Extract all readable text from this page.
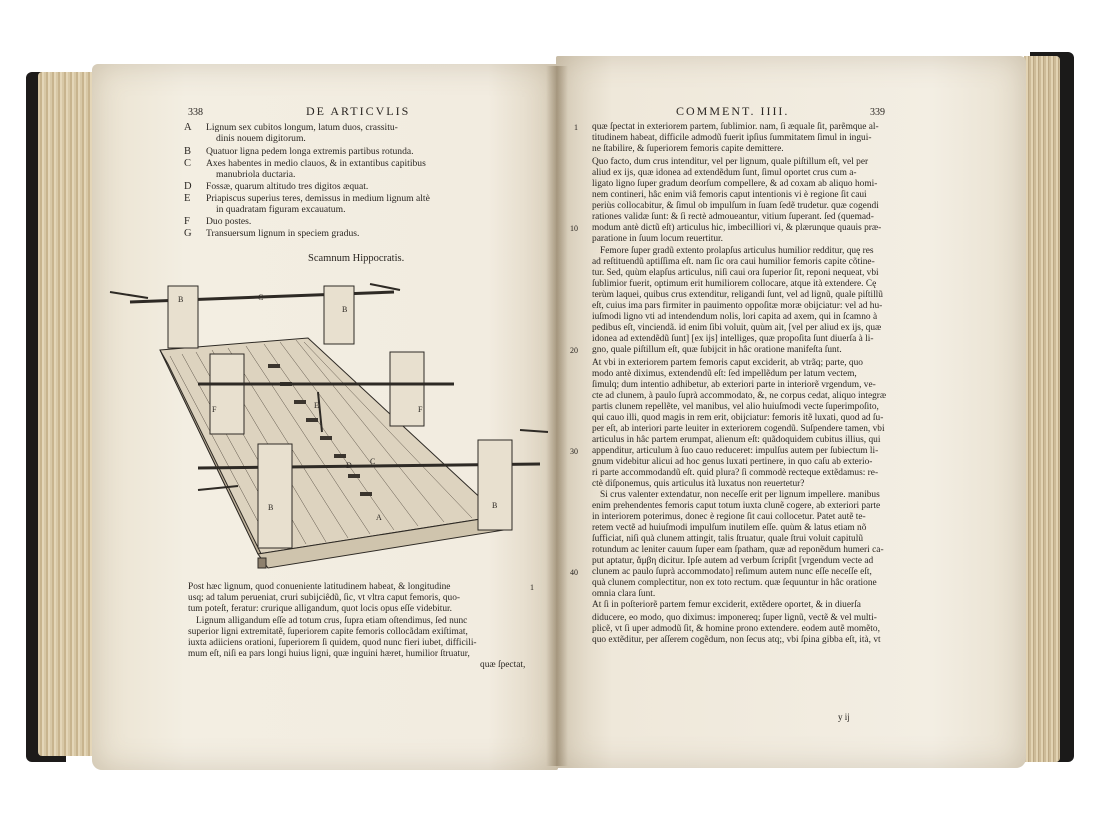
338	DE ARTICVLIS
A	Lignum sex cubitos longum, latum duos, crassitu-
dinis nouem digitorum.
B	Quatuor ligna pedem longa extremis partibus rotunda.
C	Axes habentes in medio clauos, & in extantibus capitibus
manubriola ductaria.
D	Fossæ, quarum altitudo tres digitos æquat.
E	Priapiscus superius teres, demissus in medium lignum altè
in quadratam figuram excauatum.
F	Duo postes.
G	Transuersum lignum in speciem gradus.
Scamnum Hippocratis.
B
B
C
F	F
C
B	B
A
E
D
Post hæc lignum, quod conueniente latitudinem habeat, & longitudine
usq; ad talum perueniat, cruri subijciêdũ, ſic, vt vltra caput femoris, quo-
tum poteſt, feratur: crurique alligandum, quot locis opus eſſe videbitur.
Lignum alligandum eſſe ad totum crus, ſupra etiam oſtendimus, ſed nunc
superior ligni extremitatẽ, ſuperiorem capite femoris collocãdam exiſtimat,
iuxta adiiciens orationi, ſuperiorem ſi quidem, quod nunc fieri iubet, difficili-
mum eſt, niſi ea pars longi huius ligni, quæ inguini hæret, humilior ſtruatur,
quæ ſpectat,
1
COMMENT. IIII.	339
quæ ſpectat in exteriorem partem, ſublimior. nam, ſi æquale ſit, parẽmque al-
titudinem habeat, difficile admodũ fuerit ipſius ſummitatem ſimul in ingui-
ne ſtabilire, & ſuperiorem femoris capite demittere.
Quo facto, dum crus intenditur, vel per lignum, quale piſtillum eſt, vel per
aliud ex ijs, quæ idonea ad extendẽdum ſunt, ſimul oportet crus cum a-
ligato ligno ſuper gradum deorſum compellere, & ad coxam ab aliquo homi-
nem contineri, hâc enim viâ femoris caput intentionis vi è regione ſit caui
periùs collocabitur, & ſimul ob impulſum in ſuam ſedẽ trudetur. quæ cogendi
rationes validæ ſunt: & ſi rectè admoueantur, vitium ſuperant. ſed (quemad-
modum antè dictũ eſt) articulus hic, imbecilliori vi, & plærunque quauis præ-
paratione in ſuum locum reuertitur.
Femore ſuper gradũ extento prolapſus articulus humilior redditur, quę res
ad reſtituendũ aptiſſima eſt. nam ſic ora caui humilior femoris capite cõtine-
tur. Sed, quùm elapſus articulus, niſi caui ora ſuperior ſit, reponi nequeat, vbi
ſublimior fuerit, optimum erit humiliorem collocare, atque ità extendere. Cę
terùm laquei, quibus crus extenditur, religandi ſunt, vel ad lignũ, quale piſtillũ
eſt, cuius ima pars firmiter in pauimento oppoſitæ moræ obijciatur: vel ad hu-
iuſmodi ligno vti ad intendendum nolis, lori capita ad axem, qui in ſcamno à
pedibus eſt, vinciendã. id enim ſibi voluit, quùm ait, [vel per aliud ex ijs, quæ
idonea ad extendẽdũ ſunt] [ex ijs] intelliges, quæ propoſita ſunt diuerſa à li-
gno, quale piſtillum eſt, quæ ſubijcit in hâc oratione manifeſta ſunt.
At vbi in exteriorem partem femoris caput exciderit, ab vtrãq; parte, quo
modo antè diximus, extendendũ eſt: ſed impellẽdum per latum vectem,
ſimulq; dum intentio adhibetur, ab exteriori parte in interiorẽ vrgendum, ve-
cte ad clunem, à paulo ſuprà accommodato, &, ne corpus cedat, aliquo integræ
partis clunem repellẽte, vel manibus, vel alio huiuſmodi vecte ſuperimpoſito,
qui cauo illi, quod magis in rem erit, obijciatur: femoris itẽ luxati, quod ad ſu-
per eſt, ab interiori parte leuiter in exteriorem cogendũ. Suſpendere tamen, vbi
articulus in hâc partem erumpat, alienum eſt: quãdoquidem cubitus illius, qui
appenditur, articulum à ſuo cauo reduceret: impulſus autem per ſubiectum li-
gnum videbitur alicui ad hoc genus luxati pertinere, in quo caſu ab exterio-
ri parte accommodandũ eſt. quid plura? ſi commodè recteque extẽdamus: re-
ctè diſponemus, quis articulus ità luxatus non reuertetur?
Si crus valenter extendatur, non neceſſe erit per lignum impellere. manibus
enim prehendentes femoris caput totum iuxta clunẽ cogere, ab exteriori parte
in interiorem poterimus, donec è regione ſit caui collocetur. Patet autẽ te-
retem vectẽ ad huiuſmodi impulſum inutilem eſſe. quùm & latus etiam nõ
ſufficiat, niſi quà clunem attingit, talis ſtruatur, quale ſtrui voluit capitulũ
rotundum ac leniter cauum ſuper eam ſpatham, quæ ad reponẽdum humeri ca-
put aptatur, ἄμβη dicitur. Ipſe autem ad verbum ſcripſit [vrgendum vecte ad
clunem ac paulo ſuprà accommodato] reſimum autem nunc eſſe neceſſe eſt,
quà clunem complectitur, non ex toto rectum. quæ ſequuntur in hâc oratione
omnia clara ſunt.
At ſi in poſteriorẽ partem femur exciderit, extẽdere oportet, & in diuerſa
diducere, eo modo, quo diximus: imponereq; ſuper lignũ, vectẽ & vel multi-
plicẽ, vt ſi uper admodũ ſit, & homine prono extendere. eodem autẽ momẽto,
quo extẽditur, per aſſerem cogẽdum, non ſecus atq;, vbi ſpina gibba eſt, ità, vt
1
10
20
30
40
y ij
